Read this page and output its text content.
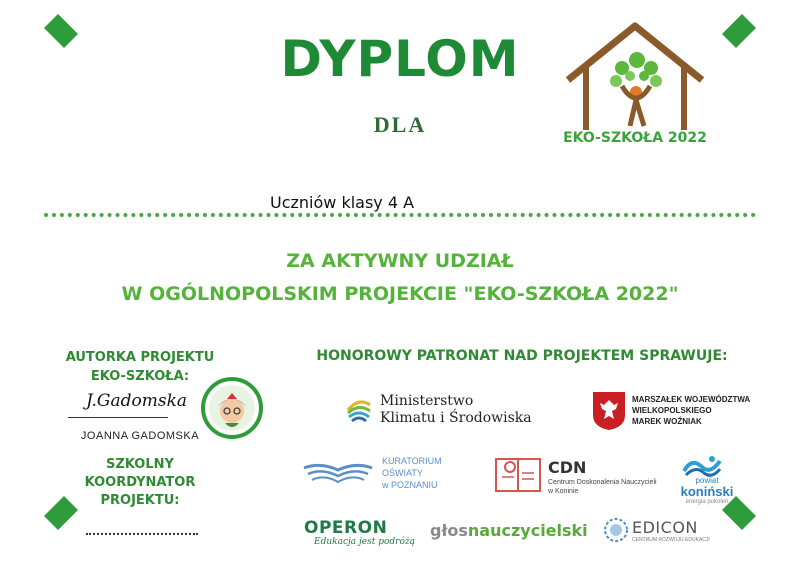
DYPLOM
DLA
EKO-SZKOŁA 2022
Uczniów klasy 4 A
ZA AKTYWNY UDZIAŁ
W OGÓLNOPOLSKIM PROJEKCIE "EKO-SZKOŁA 2022"
AUTORKA PROJEKTU
EKO-SZKOŁA:
J.Gadomska
JOANNA GADOMSKA
SZKOLNY
KOORDYNATOR
PROJEKTU:
HONOROWY PATRONAT NAD PROJEKTEM SPRAWUJE:
Ministerstwo
Klimatu i Środowiska
MARSZAŁEK WOJEWÓDZTWA
WIELKOPOLSKIEGO
MAREK WOŹNIAK
KURATORIUM
OŚWIATY
w POZNANIU
CDN
Centrum Doskonalenia Nauczycieli
w Koninie
powiat
koniński
energia pokoleń
OPERON
Edukacja jest podróżą
głosnauczycielski	EDICON
CENTRUM ROZWOJU EDUKACJI
